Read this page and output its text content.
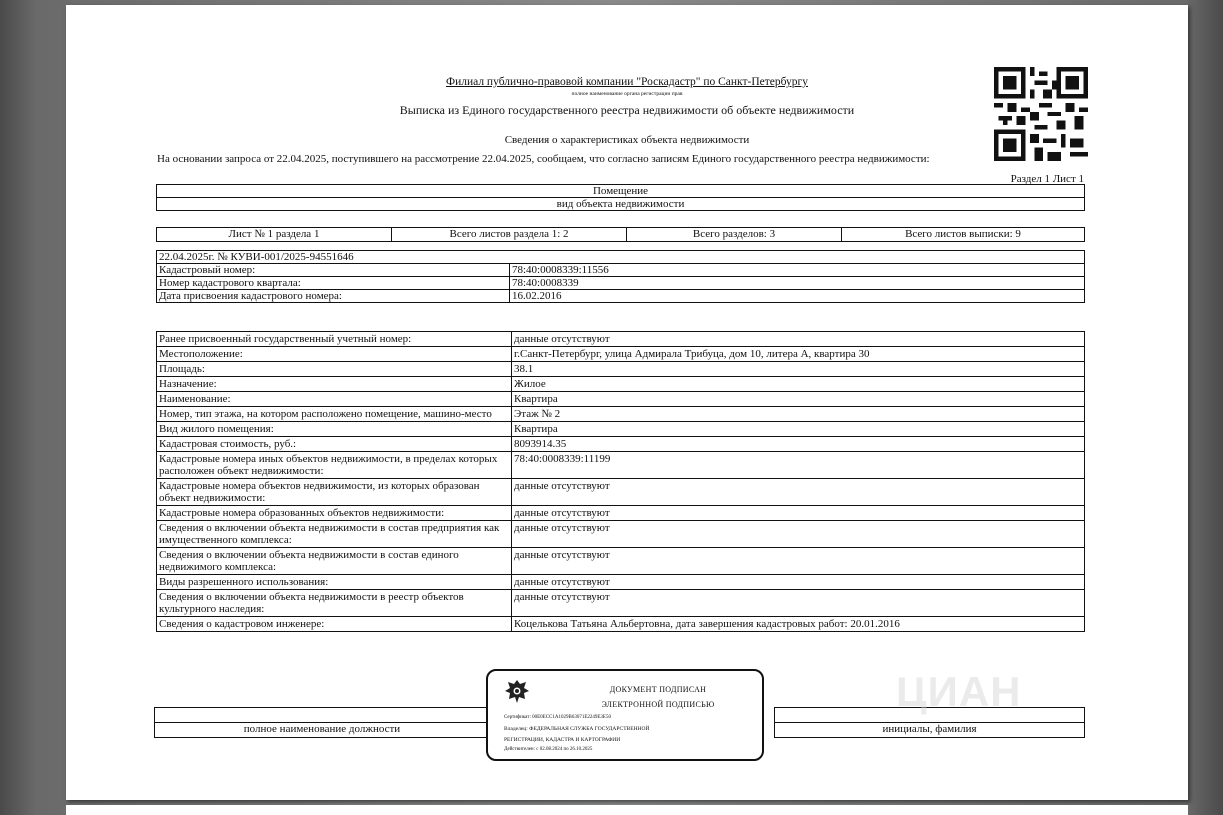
Филиал публично-правовой компании "Роскадастр" по Санкт-Петербургу
полное наименование органа регистрации прав
Выписка из Единого государственного реестра недвижимости об объекте недвижимости
Сведения о характеристиках объекта недвижимости
На основании запроса от 22.04.2025, поступившего на рассмотрение 22.04.2025, сообщаем, что согласно записям Единого государственного реестра недвижимости:
Раздел 1 Лист 1
Помещение
вид объекта недвижимости
Лист № 1 раздела 1	Всего листов раздела 1: 2	Всего разделов: 3	Всего листов выписки: 9
22.04.2025г. № КУВИ-001/2025-94551646	
Кадастровый номер:	78:40:0008339:11556
Номер кадастрового квартала:	78:40:0008339
Дата присвоения кадастрового номера:	16.02.2016
Ранее присвоенный государственный учетный номер:	данные отсутствуют
Местоположение:	г.Санкт-Петербург, улица Адмирала Трибуца, дом 10, литера А, квартира 30
Площадь:	38.1
Назначение:	Жилое
Наименование:	Квартира
Номер, тип этажа, на котором расположено помещение, машино-место	Этаж № 2
Вид жилого помещения:	Квартира
Кадастровая стоимость, руб.:	8093914.35
Кадастровые номера иных объектов недвижимости, в пределах которых расположен объект недвижимости:	78:40:0008339:11199
Кадастровые номера объектов недвижимости, из которых образован объект недвижимости:	данные отсутствуют
Кадастровые номера образованных объектов недвижимости:	данные отсутствуют
Сведения о включении объекта недвижимости в состав предприятия как имущественного комплекса:	данные отсутствуют
Сведения о включении объекта недвижимости в состав единого недвижимого комплекса:	данные отсутствуют
Виды разрешенного использования:	данные отсутствуют
Сведения о включении объекта недвижимости в реестр объектов культурного наследия:	данные отсутствуют
Сведения о кадастровом инженере:	Коцелькова Татьяна Альбертовна, дата завершения кадастровых работ: 20.01.2016

полное наименование должности		инициалы, фамилия
ЦИАН
ДОКУМЕНТ ПОДПИСАН
ЭЛЕКТРОННОЙ ПОДПИСЬЮ
Сертификат: 00Е0ЕСС1А1029В63071Е2249Е3Е50
Владелец: ФЕДЕРАЛЬНАЯ СЛУЖБА ГОСУДАРСТВЕННОЙ
РЕГИСТРАЦИИ, КАДАСТРА И КАРТОГРАФИИ
Действителен: с 02.08.2024 по 26.10.2025
